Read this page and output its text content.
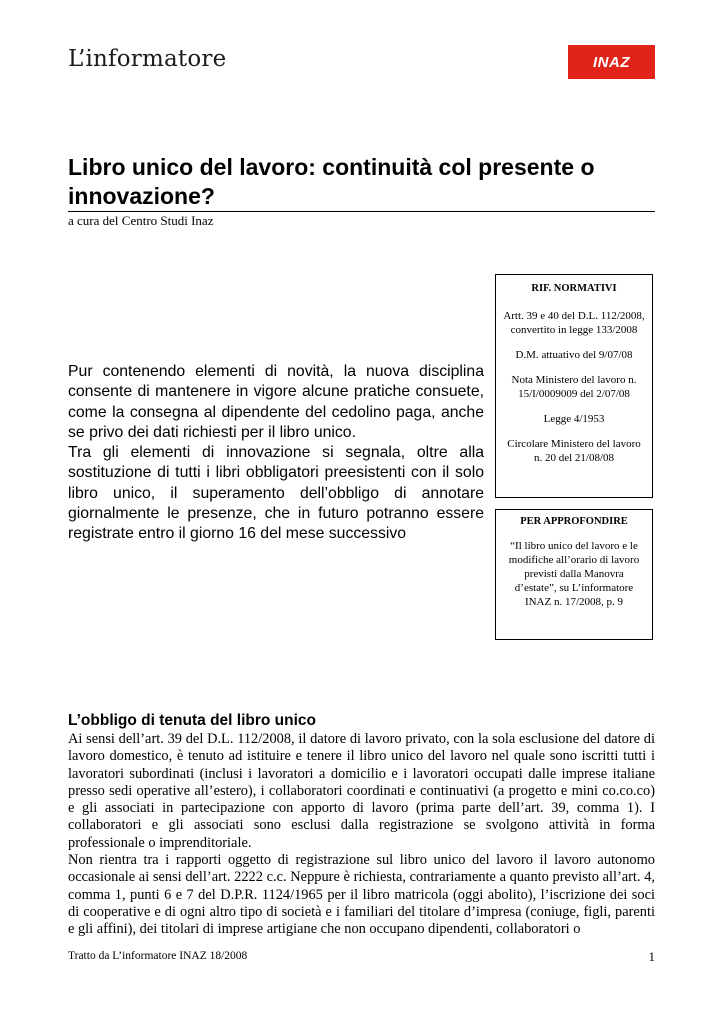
L’informatore	INAZ
Libro unico del lavoro: continuità col presente o innovazione?
a cura del Centro Studi Inaz

Pur contenendo elementi di novità, la nuova disciplina consente di mantenere in vigore alcune pratiche consuete, come la consegna al dipendente del cedolino paga, anche se privo dei dati richiesti per il libro unico.

Tra gli elementi di innovazione si segnala, oltre alla sostituzione di tutti i libri obbligatori preesistenti con il solo libro unico, il superamento dell’obbligo di annotare giornalmente le presenze, che in futuro potranno essere registrate entro il giorno 16 del mese successivo

RIF. NORMATIVI

Artt. 39 e 40 del D.L. 112/2008, convertito in legge 133/2008

D.M. attuativo del 9/07/08

Nota Ministero del lavoro n. 15/I/0009009 del 2/07/08

Legge 4/1953

Circolare Ministero del lavoro n. 20 del 21/08/08

PER APPROFONDIRE

“Il libro unico del lavoro e le modifiche all’orario di lavoro previsti dalla Manovra d’estate”, su L’informatore INAZ n. 17/2008, p. 9

L’obbligo di tenuta del libro unico

Ai sensi dell’art. 39 del D.L. 112/2008, il datore di lavoro privato, con la sola esclusione del datore di lavoro domestico, è tenuto ad istituire e tenere il libro unico del lavoro nel quale sono iscritti tutti i lavoratori subordinati (inclusi i lavoratori a domicilio e i lavoratori occupati dalle imprese italiane presso sedi operative all’estero), i collaboratori coordinati e continuativi (a progetto e mini co.co.co) e gli associati in partecipazione con apporto di lavoro (prima parte dell’art. 39, comma 1). I collaboratori e gli associati sono esclusi dalla registrazione se svolgono attività in forma professionale o imprenditoriale.

Non rientra tra i rapporti oggetto di registrazione sul libro unico del lavoro il lavoro autonomo occasionale ai sensi dell’art. 2222 c.c. Neppure è richiesta, contrariamente a quanto previsto all’art. 4, comma 1, punti 6 e 7 del D.P.R. 1124/1965 per il libro matricola (oggi abolito), l’iscrizione dei soci di cooperative e di ogni altro tipo di società e i familiari del titolare d’impresa (coniuge, figli, parenti e gli affini), dei titolari di imprese artigiane che non occupano dipendenti, collaboratori o

Tratto da L’informatore INAZ 18/2008	1
